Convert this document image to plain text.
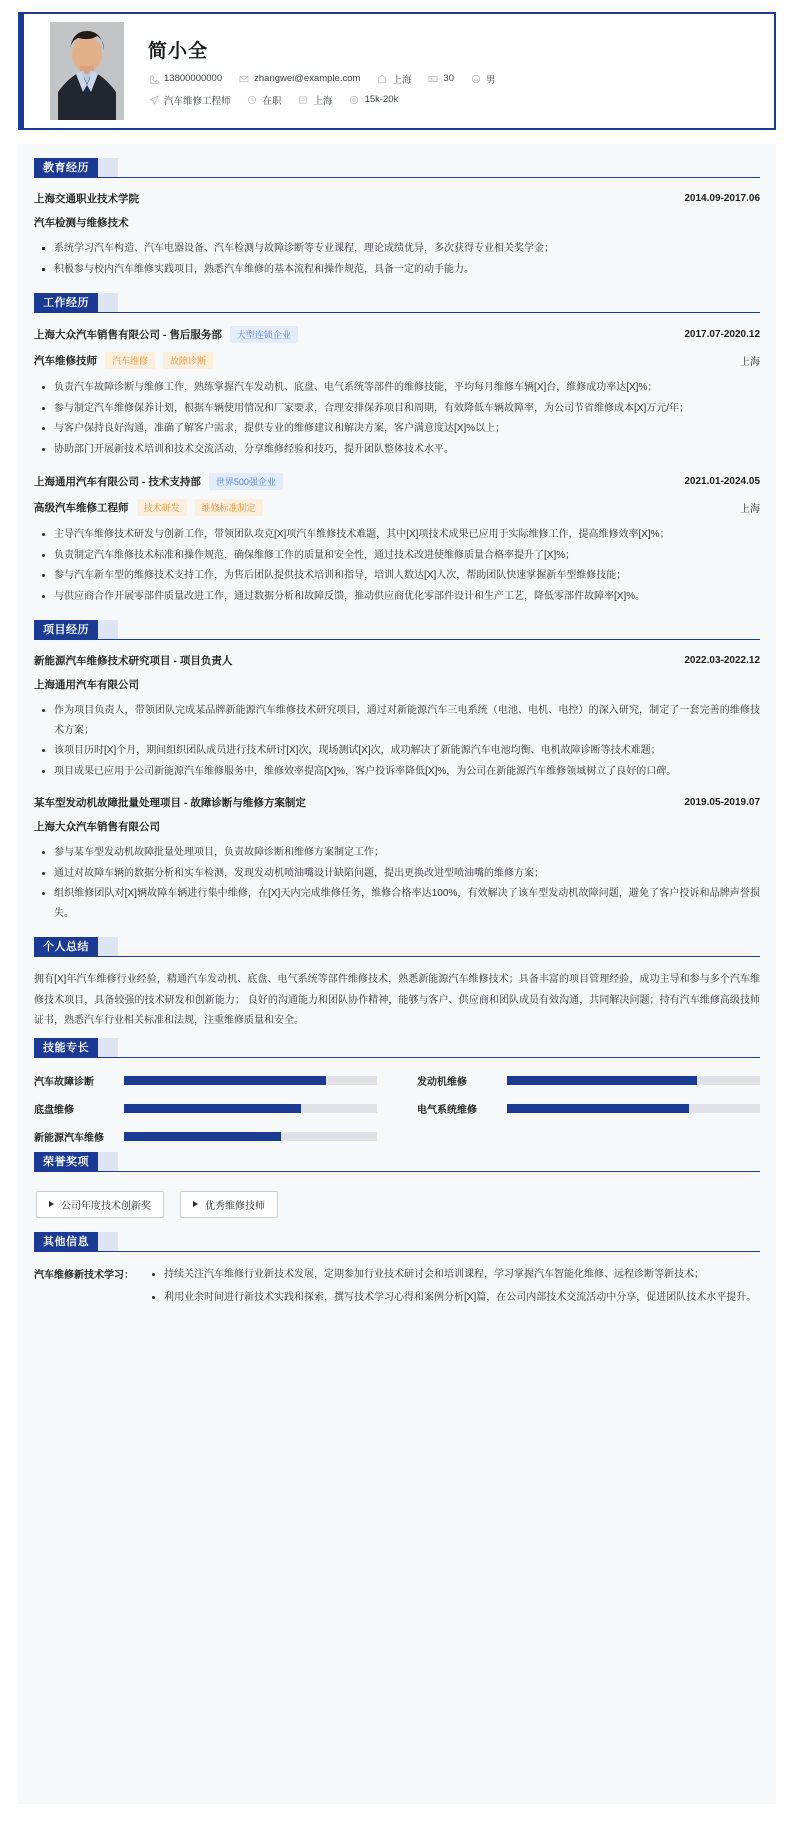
简小全
13800000000	zhangwei@example.com	上海	30	男
汽车维修工程师	在职	上海	15k-20k
教育经历
上海交通职业技术学院	2014.09-2017.06
汽车检测与维修技术
系统学习汽车构造、汽车电器设备、汽车检测与故障诊断等专业课程，理论成绩优异，多次获得专业相关奖学金；
积极参与校内汽车维修实践项目，熟悉汽车维修的基本流程和操作规范，具备一定的动手能力。
工作经历
上海大众汽车销售有限公司 - 售后服务部	大型连锁企业	2017.07-2020.12
汽车维修技师	汽车维修	故障诊断	上海
负责汽车故障诊断与维修工作，熟练掌握汽车发动机、底盘、电气系统等部件的维修技能，平均每月维修车辆[X]台，维修成功率达[X]%；
参与制定汽车维修保养计划，根据车辆使用情况和厂家要求，合理安排保养项目和周期，有效降低车辆故障率，为公司节省维修成本[X]万元/年；
与客户保持良好沟通，准确了解客户需求，提供专业的维修建议和解决方案，客户满意度达[X]%以上；
协助部门开展新技术培训和技术交流活动，分享维修经验和技巧，提升团队整体技术水平。
上海通用汽车有限公司 - 技术支持部	世界500强企业	2021.01-2024.05
高级汽车维修工程师	技术研发	维修标准制定	上海
主导汽车维修技术研发与创新工作，带领团队攻克[X]项汽车维修技术难题，其中[X]项技术成果已应用于实际维修工作，提高维修效率[X]%；
负责制定汽车维修技术标准和操作规范，确保维修工作的质量和安全性，通过技术改进使维修质量合格率提升了[X]%；
参与汽车新车型的维修技术支持工作，为售后团队提供技术培训和指导，培训人数达[X]人次，帮助团队快速掌握新车型维修技能；
与供应商合作开展零部件质量改进工作，通过数据分析和故障反馈，推动供应商优化零部件设计和生产工艺，降低零部件故障率[X]%。
项目经历
新能源汽车维修技术研究项目 - 项目负责人	2022.03-2022.12
上海通用汽车有限公司
作为项目负责人，带领团队完成某品牌新能源汽车维修技术研究项目，通过对新能源汽车三电系统（电池、电机、电控）的深入研究，制定了一套完善的维修技术方案；
该项目历时[X]个月，期间组织团队成员进行技术研讨[X]次，现场测试[X]次，成功解决了新能源汽车电池均衡、电机故障诊断等技术难题；
项目成果已应用于公司新能源汽车维修服务中，维修效率提高[X]%，客户投诉率降低[X]%，为公司在新能源汽车维修领域树立了良好的口碑。
某车型发动机故障批量处理项目 - 故障诊断与维修方案制定	2019.05-2019.07
上海大众汽车销售有限公司
参与某车型发动机故障批量处理项目，负责故障诊断和维修方案制定工作；
通过对故障车辆的数据分析和实车检测，发现发动机喷油嘴设计缺陷问题，提出更换改进型喷油嘴的维修方案；
组织维修团队对[X]辆故障车辆进行集中维修，在[X]天内完成维修任务，维修合格率达100%，有效解决了该车型发动机故障问题，避免了客户投诉和品牌声誉损失。
个人总结
拥有[X]年汽车维修行业经验，精通汽车发动机、底盘、电气系统等部件维修技术，熟悉新能源汽车维修技术；具备丰富的项目管理经验，成功主导和参与多个汽车维修技术项目，具备较强的技术研发和创新能力； 良好的沟通能力和团队协作精神，能够与客户、供应商和团队成员有效沟通，共同解决问题；持有汽车维修高级技师证书，熟悉汽车行业相关标准和法规，注重维修质量和安全。
技能专长
汽车故障诊断	发动机维修
底盘维修	电气系统维修
新能源汽车维修
荣誉奖项
公司年度技术创新奖	优秀维修技师
其他信息
汽车维修新技术学习：	持续关注汽车维修行业新技术发展，定期参加行业技术研讨会和培训课程，学习掌握汽车智能化维修、远程诊断等新技术；
利用业余时间进行新技术实践和探索，撰写技术学习心得和案例分析[X]篇，在公司内部技术交流活动中分享，促进团队技术水平提升。
